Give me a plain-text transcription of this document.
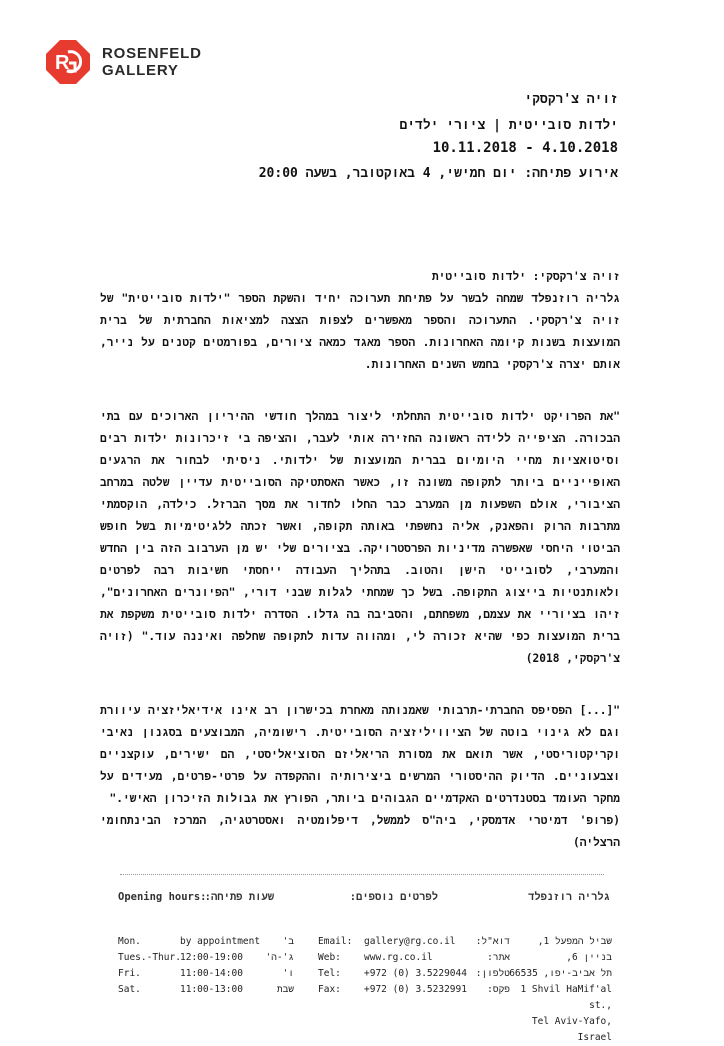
R ROSENFELD
GALLERY
זויה צ'רקסקי
ילדות סובייטית | ציורי ילדים
10.11.2018 - 4.10.2018
אירוע פתיחה: יום חמישי, 4 באוקטובר, בשעה 20:00

זויה צ'רקסקי: ילדות סובייטית

גלריה רוזנפלד שמחה לבשר על פתיחת תערוכה יחיד והשקת הספר "ילדות סובייטית" של זויה צ'רקסקי. התערוכה והספר מאפשרים לצפות הצצה למציאות החברתית של ברית המועצות בשנות קיומה האחרונות. הספר מאגד כמאה ציורים, בפורמטים קטנים על נייר, אותם יצרה צ'רקסקי בחמש השנים האחרונות.

"את הפרויקט ילדות סובייטית התחלתי ליצור במהלך חודשי ההיריון הארוכים עם בתי הבכורה. הציפייה ללידה ראשונה החזירה אותי לעבר, והציפה בי זיכרונות ילדות רבים וסיטואציות מחיי היומיום בברית המועצות של ילדותי. ניסיתי לבחור את הרגעים האופייניים ביותר לתקופה משונה זו, כאשר האסתטיקה הסובייטית עדיין שלטה במרחב הציבורי, אולם השפעות מן המערב כבר החלו לחדור את מסך הברזל. כילדה, הוקסמתי מתרבות הרוק והפאנק, אליה נחשפתי באותה תקופה, ואשר זכתה ללגיטימיות בשל חופש הביטוי היחסי שאפשרה מדיניות הפרסטרויקה. בציורים שלי יש מן הערבוב הזה בין החדש והמערבי, לסובייטי הישן והטוב. בתהליך העבודה ייחסתי חשיבות רבה לפרטים ולאותנטיות בייצוג התקופה. בשל כך שמחתי לגלות שבני דורי, "הפיונרים האחרונים", זיהו בציוריי את עצמם, משפחתם, והסביבה בה גדלו. הסדרה ילדות סובייטית משקפת את ברית המועצות כפי שהיא זכורה לי, ומהווה עדות לתקופה שחלפה ואיננה עוד." (זויה צ'רקסקי, 2018)

"[...] הפסיפס החברתי-תרבותי שאמנותה מאחרת בכישרון רב אינו אידיאליזציה עיוורת וגם לא גינוי בוטה של הציוויליזציה הסובייטית. רישומיה, המבוצעים בסגנון נאיבי וקריקטוריסטי, אשר תואם את מסורת הריאליזם הסוציאליסטי, הם ישירים, עוקצניים וצבעוניים. הדיוק ההיסטורי המרשים ביצירותיה וההקפדה על פרטי-פרטים, מעידים על מחקר העומד בסטנדרטים האקדמיים הגבוהים ביותר, הפורץ את גבולות הזיכרון האישי."

(פרופ' דמיטרי אדמסקי, ביה"ס לממשל, דיפלומטיה ואסטרטגיה, המרכז הבינתחומי הרצליה)

גלריה רוזנפלד
לפרטים נוספים:
Opening hours:
שעות פתיחה:
Mon.	by appointment	ב'
Tues.-Thur. 12:00-19:00	ג'-ה'
Fri.	11:00-14:00	ו'
Sat.	11:00-13:00	שבת
Email:	gallery@rg.co.il	דוא"ל:
Web:	www.rg.co.il	אתר:
Tel:	+972 (0) 3.5229044 טלפון:
Fax:	+972 (0) 3.5232991	פקס:
שביל המפעל 1, בניין 6,
תל אביב-יפו, 66535
1 Shvil HaMif'al st.,
Tel Aviv-Yafo, Israel
